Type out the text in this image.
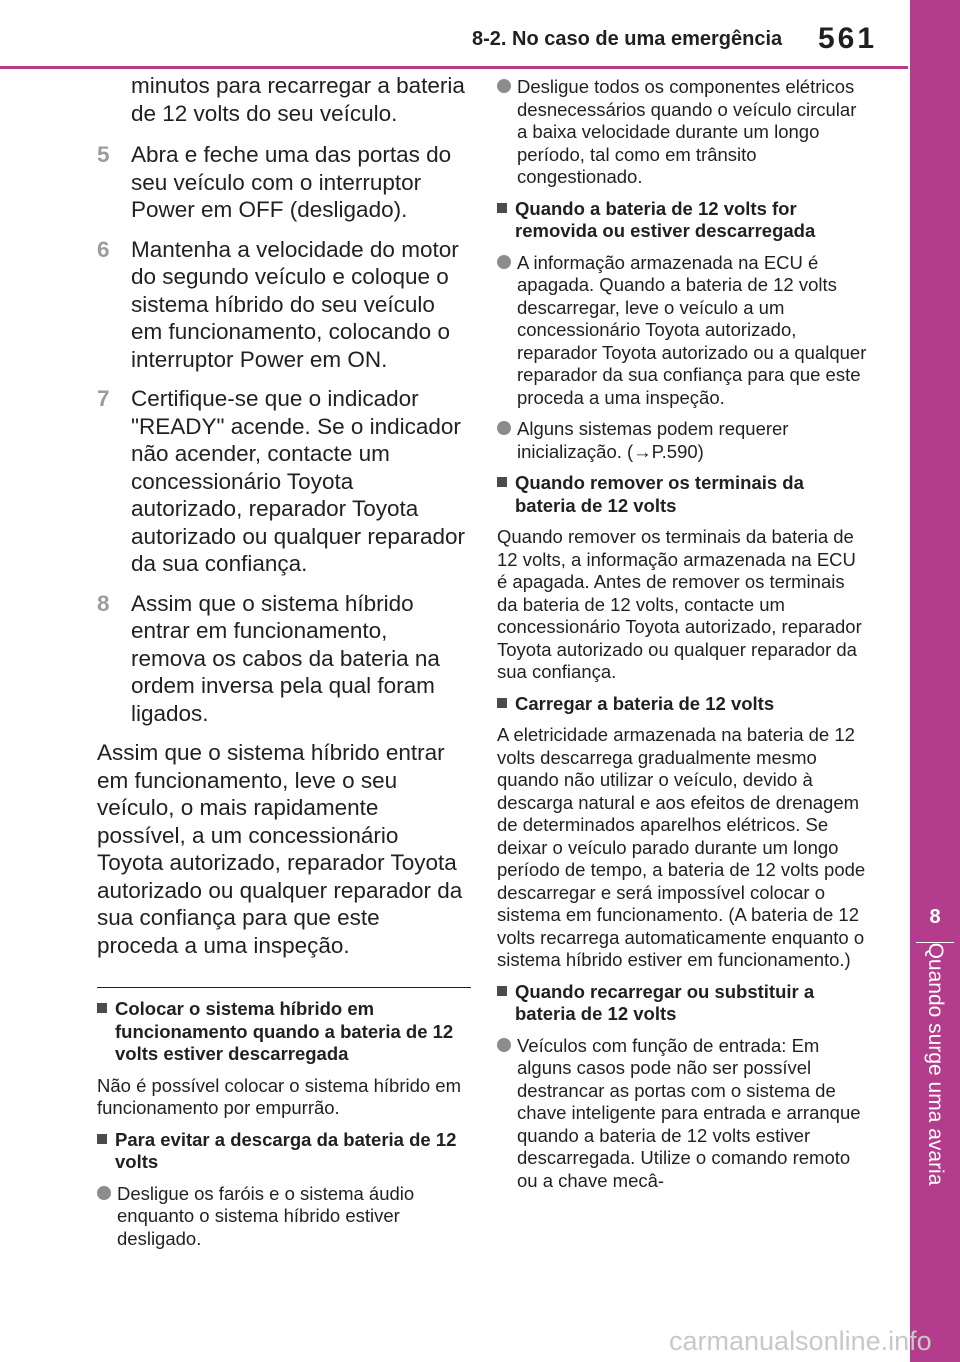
8-2. No caso de uma emergência 561
8
Quando surge uma avaria
minutos para recarregar a bateria de 12 volts do seu veículo.
5 Abra e feche uma das portas do seu veículo com o interruptor Power em OFF (desligado).
6 Mantenha a velocidade do motor do segundo veículo e coloque o sistema híbrido do seu veículo em funcionamento, colocando o interruptor Power em ON.
7 Certifique-se que o indicador "READY" acende. Se o indicador não acender, contacte um concessionário Toyota autorizado, reparador Toyota autorizado ou qualquer reparador da sua confiança.
8 Assim que o sistema híbrido entrar em funcionamento, remova os cabos da bateria na ordem inversa pela qual foram ligados.
Assim que o sistema híbrido entrar em funcionamento, leve o seu veículo, o mais rapidamente possível, a um concessionário Toyota autorizado, reparador Toyota autorizado ou qualquer reparador da sua confiança para que este proceda a uma inspeção.
Colocar o sistema híbrido em funcionamento quando a bateria de 12 volts estiver descarregada
Não é possível colocar o sistema híbrido em funcionamento por empurrão.
Para evitar a descarga da bateria de 12 volts
Desligue os faróis e o sistema áudio enquanto o sistema híbrido estiver desligado.
Desligue todos os componentes elétricos desnecessários quando o veículo circular a baixa velocidade durante um longo período, tal como em trânsito congestionado.
Quando a bateria de 12 volts for removida ou estiver descarregada
A informação armazenada na ECU é apagada. Quando a bateria de 12 volts descarregar, leve o veículo a um concessionário Toyota autorizado, reparador Toyota autorizado ou a qualquer reparador da sua confiança para que este proceda a uma inspeção.
Alguns sistemas podem requerer inicialização. (→P.590)
Quando remover os terminais da bateria de 12 volts
Quando remover os terminais da bateria de 12 volts, a informação armazenada na ECU é apagada. Antes de remover os terminais da bateria de 12 volts, contacte um concessionário Toyota autorizado, reparador Toyota autorizado ou qualquer reparador da sua confiança.
Carregar a bateria de 12 volts
A eletricidade armazenada na bateria de 12 volts descarrega gradualmente mesmo quando não utilizar o veículo, devido à descarga natural e aos efeitos de drenagem de determinados aparelhos elétricos. Se deixar o veículo parado durante um longo período de tempo, a bateria de 12 volts pode descarregar e será impossível colocar o sistema em funcionamento. (A bateria de 12 volts recarrega automaticamente enquanto o sistema híbrido estiver em funcionamento.)
Quando recarregar ou substituir a bateria de 12 volts
Veículos com função de entrada: Em alguns casos pode não ser possível destrancar as portas com o sistema de chave inteligente para entrada e arranque quando a bateria de 12 volts estiver descarregada. Utilize o comando remoto ou a chave mecâ-
carmanualsonline.info
